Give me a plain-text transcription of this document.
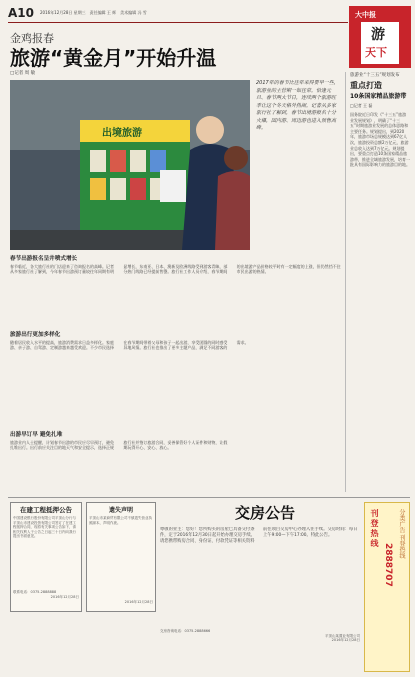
A10 2016年12月28日 星期三　责任编辑 王 辉　美术编辑 冯 雪	大中报
游
天下
金鸡报春
旅游“黄金月”开始升温
□记者 周 敏
出境旅游
2017年的春节比往年来得要早一些，旅游业的主营期一如往常。恰逢元旦、春节两大节日，连续两个旅游旺季让这个冬天格外热闹。记者从多家旅行社了解到，春节出境游报名十分火爆，国内游、周边游也进入预售高峰。
春节出游报名呈井喷式增长
春节临近，各大旅行社的门店迎来了咨询报名的高峰。记者从多家旅行社了解到，今年春节出游预订量较往年同期有明显增长，东南亚、日本、澳新及欧洲线路受到游客青睐，部分热门线路已经提前售罄。旅行社工作人员介绍，春节期间的出境游产品价格较平时有一定幅度的上涨，但仍然挡不住市民出游的热情。
旅游出行更加多样化
随着居民收入水平的提高，旅游消费需求日益多样化。家庭游、亲子游、自驾游、定制游越来越受欢迎。不少市民选择在春节期间带着父母和孩子一起出游，享受团圆的同时感受异地风情。旅行社也推出了更多主题产品，满足不同游客的需求。
出游早订早 避免扎堆
旅游业内人士提醒，计划春节出游的市民应尽早预订，避免扎堆出行。出行前应关注目的地天气和安全提示，选择正规旅行社并签订旅游合同，妥善保管好个人证件和财物，让假期玩得开心、安心、放心。
旅游业“十三五”规划发布
重点打造
10条国家精品旅游带
□记者 王 磊
国务院近日印发《“十三五”旅游业发展规划》，明确了“十三五”时期旅游业发展的总体思路和主要任务。规划提出，到2020年，旅游市场总规模达到67亿人次，旅游投资总额2万亿元，旅游业总收入达到7万亿元。规划提出，要重点打造10条国家精品旅游带，推进全域旅游发展，培育一批具有国际影响力的旅游目的地。
在建工程抵押公告
中国建设银行股份有限公司平顶山分行与平顶山市建设投资有限公司签订了在建工程抵押合同，现将有关事项公告如下，请相关权利人于公告之日起三十日内向我行提出书面意见。
联系电话：0375-2888888
2016年12月28日
遗失声明
平顶山市某商贸有限公司不慎遗失营业执照副本，声明作废。
2016年12月28日
交房公告
尊敬的业主：您好！您所购买的房屋已具备交付条件，定于2016年12月30日起开始办理交房手续。请您携带购房合同、身份证、付款凭证等相关资料前往项目交房中心办理入住手续。交房时间：每日上午9:00—下午17:00。特此公告。
交房咨询电话：0375-2888666
平顶山某置业有限公司
2016年12月28日
刊登热线
2888707
分类广告 刊登热线
